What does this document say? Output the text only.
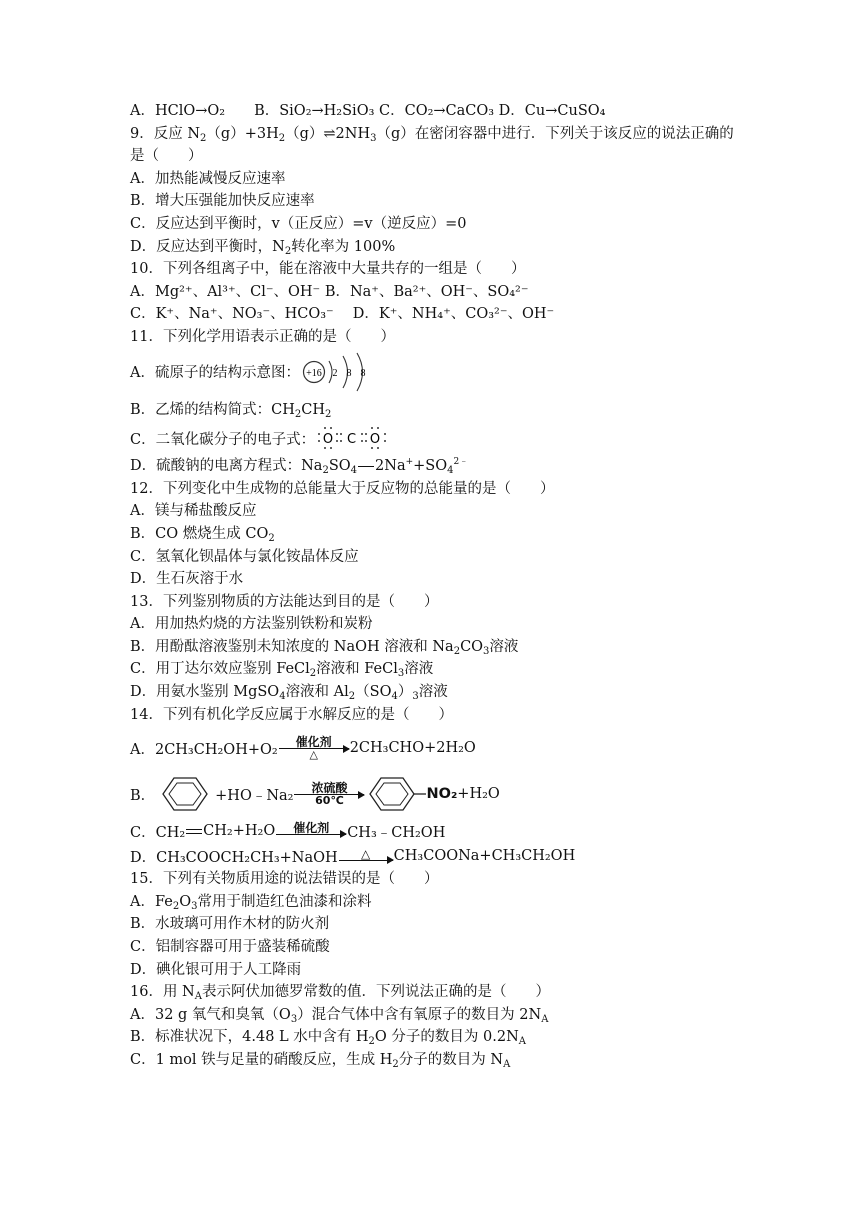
A．HClO→O₂　　B．SiO₂→H₂SiO₃ C．CO₂→CaCO₃ D．Cu→CuSO₄
9．反应 $N_2(g)+3H_2(g)\rightleftharpoons 2NH_3(g)$在密闭容器中进行．下列关于该反应的说法正确的
是（　　）
A．加热能减慢反应速率
B．增大压强能加快反应速率
C．反应达到平衡时，v（正反应）=v（逆反应）=0
D．反应达到平衡时，$N_2$转化率为 100%
10．下列各组离子中，能在溶液中大量共存的一组是（　　）
A．Mg²⁺、Al³⁺、Cl⁻、OH⁻ B．Na⁺、Ba²⁺、OH⁻、SO₄²⁻
C．K⁺、Na⁺、NO₃⁻、HCO₃⁻　 D．K⁺、NH₄⁺、CO₃²⁻、OH⁻
11．下列化学用语表示正确的是（　　）
A．硫原子的结构示意图： +16 2 8 8
B．乙烯的结构简式：$CH_2CH_2$
C．二氧化碳分子的电子式： O C O
D．硫酸钠的电离方程式：$Na_2SO_4$ $2Na^++SO_4^{2﹣}$
12．下列变化中生成物的总能量大于反应物的总能量的是（　　）
A．镁与稀盐酸反应
B．CO 燃烧生成 $CO_2$
C．氢氧化钡晶体与氯化铵晶体反应
D．生石灰溶于水
13．下列鉴别物质的方法能达到目的是（　　）
A．用加热灼烧的方法鉴别铁粉和炭粉
B．用酚酞溶液鉴别未知浓度的 NaOH 溶液和 $Na_2CO_3$溶液
C．用丁达尔效应鉴别 FeCl$_2$溶液和 FeCl$_3$溶液
D．用氨水鉴别 MgSO$_4$溶液和 $Al_2(SO_4)_3$溶液
14．下列有机化学反应属于水解反应的是（　　）
A．2CH₃CH₂OH+O₂ 催化剂
△ 2CH₃CHO+2H₂O
B．	+HO﹣Na₂ 浓硫酸
60℃	NO₂ +H₂O
C．CH₂ CH₂+H₂O 催化剂 CH₃﹣CH₂OH
D．CH₃COOCH₂CH₃+NaOH △ CH₃COONa+CH₃CH₂OH
15．下列有关物质用途的说法错误的是（　　）
A．$Fe_2O_3$常用于制造红色油漆和涂料
B．水玻璃可用作木材的防火剂
C．铝制容器可用于盛装稀硫酸
D．碘化银可用于人工降雨
16．用 $N_A$表示阿伏加德罗常数的值．下列说法正确的是（　　）
A．32 g 氧气和臭氧$(O_3)$混合气体中含有氧原子的数目为 $2N_A$
B．标准状况下，4.48 L 水中含有 $H_2O$ 分子的数目为 $0.2N_A$
C．1 mol 铁与足量的硝酸反应，生成 $H_2$分子的数目为 $N_A$
